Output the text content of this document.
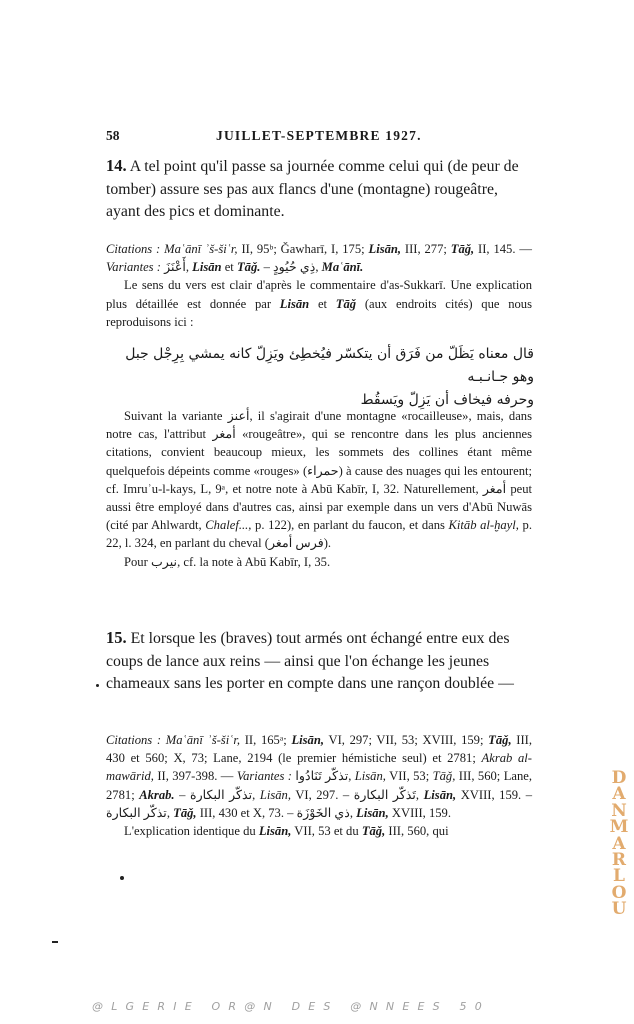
58	JUILLET-SEPTEMBRE 1927.
14. A tel point qu'il passe sa journée comme celui qui (de peur de tomber) assure ses pas aux flancs d'une (montagne) rougeâtre, ayant des pics et dominante.

Citations : Maʿānī ʾš-šiʿr, II, 95ᵇ; Ǧawharī, I, 175; Lisān, III, 277; Tāǧ, II, 145. — Variantes : أَعْنَزَ, Lisān et Tāǧ. – ذِي حُيُودٍ, Maʿānī.

Le sens du vers est clair d'après le commentaire d'as-Sukkarī. Une explication plus détaillée est donnée par Lisān et Tāǧ (aux endroits cités) que nous reproduisons ici :

قال معناه يَظَلّ من فَرَق أن يتكسّر فيُخطِئ ويَزِلّ كانه يمشي بِرِجْل جبل وهو جـانـبـه

وحرفه فيخاف أن يَزِلّ ويَسقُط

Suivant la variante أعنز, il s'agirait d'une montagne «rocailleuse», mais, dans notre cas, l'attribut أمغر «rougeâtre», qui se rencontre dans les plus anciennes citations, convient beaucoup mieux, les sommets des collines étant même quelquefois dépeints comme «rouges» (حمراء) à cause des nuages qui les entourent; cf. Imruʾu-l-kays, L, 9ᵃ, et notre note à Abū Kabīr, I, 32. Naturellement, أمغر peut aussi être employé dans d'autres cas, ainsi par exemple dans un vers d'Abū Nuwās (cité par Ahlwardt, Chalef..., p. 122), en parlant du faucon, et dans Kitāb al-ḫayl, p. 22, l. 324, en parlant du cheval (فرس أمغر).

Pour نيرب, cf. la note à Abū Kabīr, I, 35.

15. Et lorsque les (braves) tout armés ont échangé entre eux des coups de lance aux reins — ainsi que l'on échange les jeunes chameaux sans les porter en compte dans une rançon doublée —

Citations : Maʿānī ʾš-šiʿr, II, 165ᵃ; Lisān, VI, 297; VII, 53; XVIII, 159; Tāǧ, III, 430 et 560; X, 73; Lane, 2194 (le premier hémistiche seul) et 2781; Akrab al-mawārid, II, 397-398. — Variantes :	تذكّر تَنَادُوا , Lisān, VII, 53; Tāǧ, III, 560; Lane, 2781; Akrab. – تذكّر البكارة, Lisān, VI, 297. – تَذكّر البكارة, Lisān, XVIII, 159. – تذكّر البكارة, Tāǧ, III, 430 et X, 73. – ذي الخَوْزَة, Lisān, XVIII, 159.

L'explication identique du Lisān, VII, 53 et du Tāǧ, III, 560, qui

D
A
N
M
A
R
L
O
U
@LGERIE OR@N DES @NNEES 50
